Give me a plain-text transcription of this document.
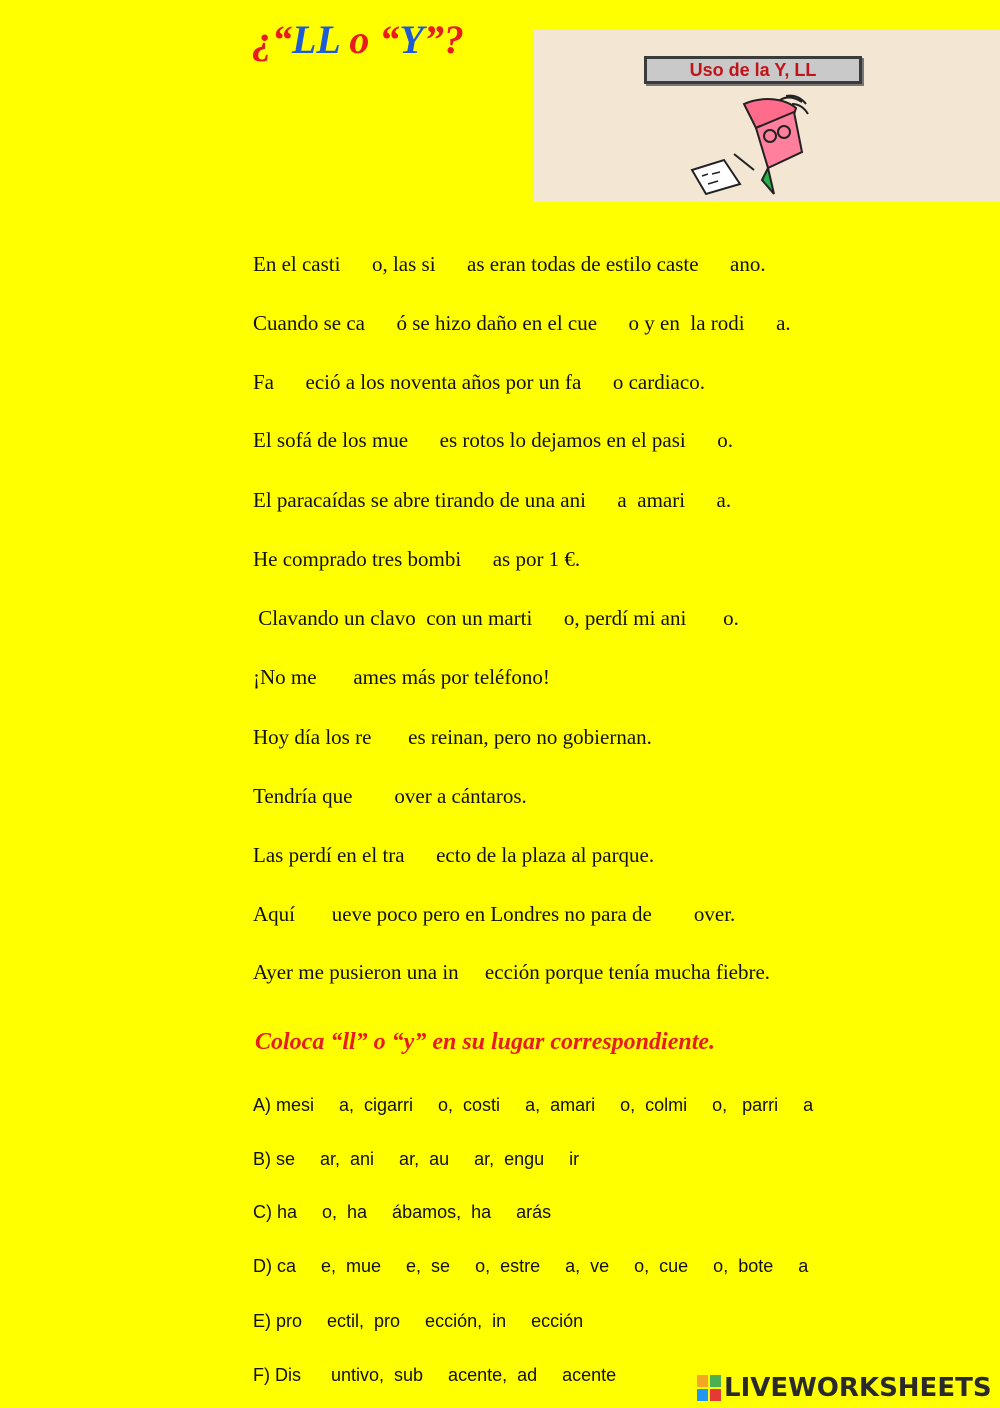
¿“LL o “Y”?
Uso de la Y, LL

En el casti      o, las si      as eran todas de estilo caste      ano.

Cuando se ca      ó se hizo daño en el cue      o y en  la rodi      a.

Fa      eció a los noventa años por un fa      o cardiaco.

El sofá de los mue      es rotos lo dejamos en el pasi      o.

El paracaídas se abre tirando de una ani      a  amari      a.

He comprado tres bombi      as por 1 €.

Clavando un clavo  con un marti      o, perdí mi ani       o.

¡No me       ames más por teléfono!

Hoy día los re       es reinan, pero no gobiernan.

Tendría que        over a cántaros.

Las perdí en el tra      ecto de la plaza al parque.

Aquí       ueve poco pero en Londres no para de        over.

Ayer me pusieron una in     ección porque tenía mucha fiebre.

Coloca “ll” o “y” en su lugar correspondiente.

A) mesi     a,  cigarri     o,  costi     a,  amari     o,  colmi     o,   parri     a

B) se     ar,  ani     ar,  au     ar,  engu     ir

C) ha     o,  ha     ábamos,  ha     arás

D) ca     e,  mue     e,  se     o,  estre     a,  ve     o,  cue     o,  bote     a

E) pro     ectil,  pro     ección,  in     ección

F) Dis      untivo,  sub     acente,  ad     acente	LIVEWORKSHEETS
